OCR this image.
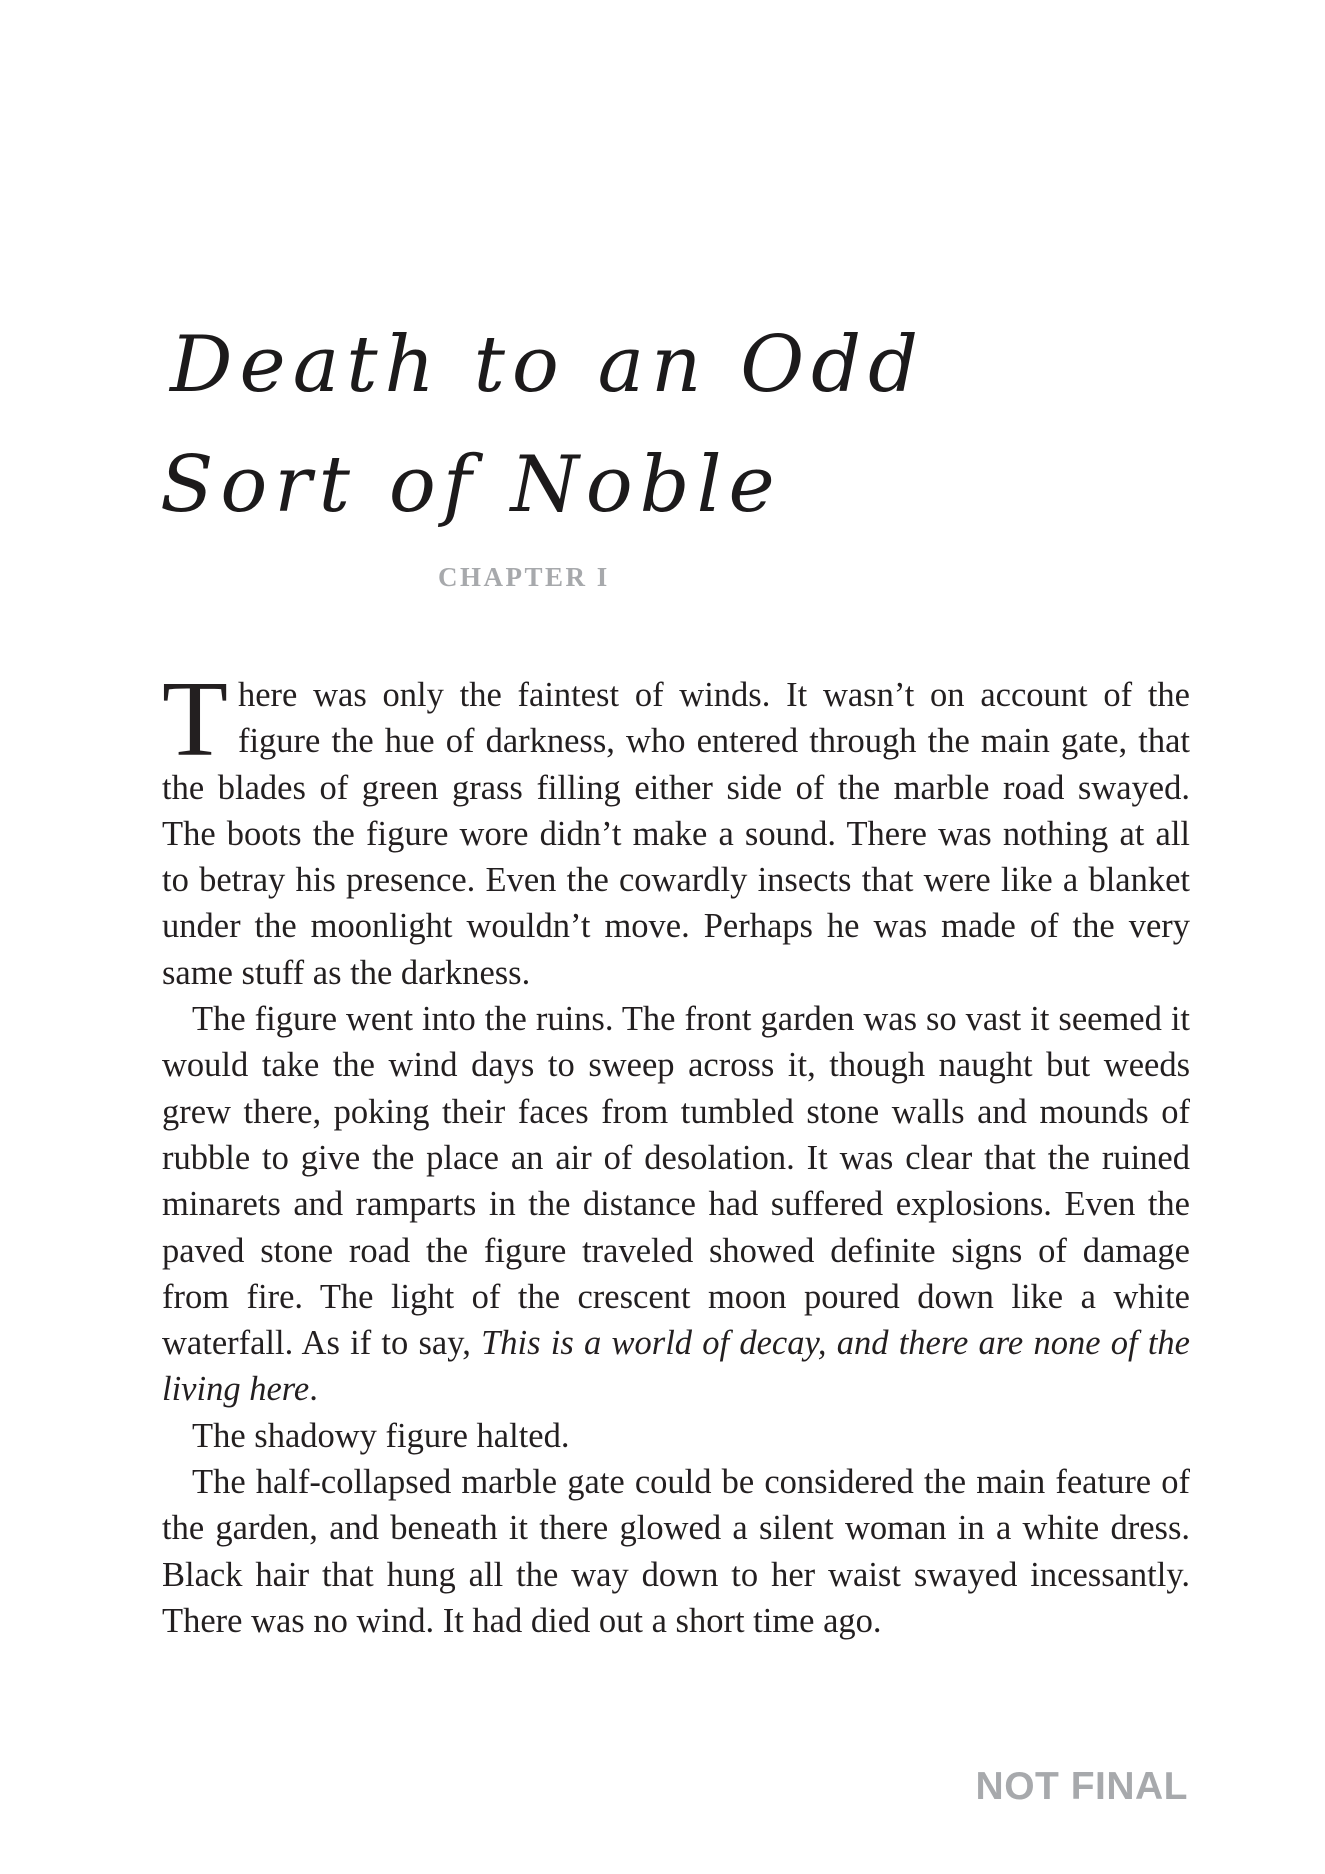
Death to an Odd
Sort of Noble
CHAPTER I

There was only the faintest of winds. It wasn’t on account of the figure the hue of darkness, who entered through the main gate, that the blades of green grass filling either side of the marble road swayed. The boots the figure wore didn’t make a sound. There was nothing at all to betray his presence. Even the cowardly insects that were like a blanket under the moonlight wouldn’t move. Perhaps he was made of the very same stuff as the darkness.

The figure went into the ruins. The front garden was so vast it seemed it would take the wind days to sweep across it, though naught but weeds grew there, poking their faces from tumbled stone walls and mounds of rubble to give the place an air of desolation. It was clear that the ruined minarets and ramparts in the distance had suffered explosions. Even the paved stone road the figure traveled showed definite signs of damage from fire. The light of the crescent moon poured down like a white waterfall. As if to say, This is a world of decay, and there are none of the living here.

The shadowy figure halted.

The half-collapsed marble gate could be considered the main feature of the garden, and beneath it there glowed a silent woman in a white dress. Black hair that hung all the way down to her waist swayed incessantly. There was no wind. It had died out a short time ago.

NOT FINAL
